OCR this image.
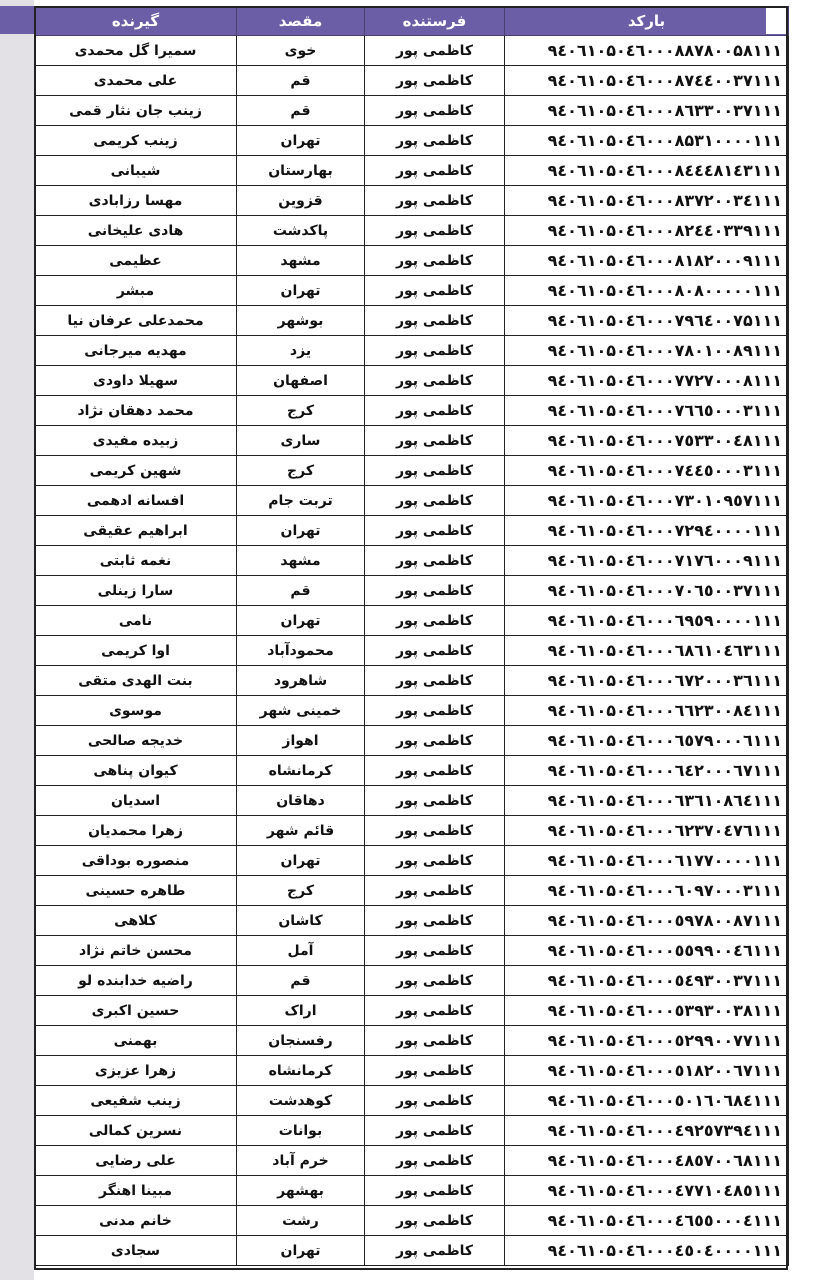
بارکد	فرستنده	مقصد	گیرنده
۹٤۰٦۱۰۵۰٤٦۰۰۰۸۸۷۸۰۰۵۸۱۱۱	کاظمی پور	خوی	سمیرا گل محمدی
۹٤۰٦۱۰۵۰٤٦۰۰۰۸۷٤٤۰۰۳۷۱۱۱	کاظمی پور	قم	علی محمدی
۹٤۰٦۱۰۵۰٤٦۰۰۰۸٦۳۳۰۰۳۷۱۱۱	کاظمی پور	قم	زینب جان نثار قمی
۹٤۰٦۱۰۵۰٤٦۰۰۰۸۵۳۱۰۰۰۰۱۱۱	کاظمی پور	تهران	زینب کریمی
۹٤۰٦۱۰۵۰٤٦۰۰۰۸٤٤٤۸۱٤۳۱۱۱	کاظمی پور	بهارستان	شیبانی
۹٤۰٦۱۰۵۰٤٦۰۰۰۸۳۷۲۰۰۳٤۱۱۱	کاظمی پور	قزوین	مهسا رزابادی
۹٤۰٦۱۰۵۰٤٦۰۰۰۸۲٤٤۰۳۳۹۱۱۱	کاظمی پور	پاکدشت	هادی علیخانی
۹٤۰٦۱۰۵۰٤٦۰۰۰۸۱۸۲۰۰۰۹۱۱۱	کاظمی پور	مشهد	عظیمی
۹٤۰٦۱۰۵۰٤٦۰۰۰۸۰۸۰۰۰۰۰۱۱۱	کاظمی پور	تهران	مبشر
۹٤۰٦۱۰۵۰٤٦۰۰۰۷۹٦٤۰۰۷۵۱۱۱	کاظمی پور	بوشهر	محمدعلی عرفان نیا
۹٤۰٦۱۰۵۰٤٦۰۰۰۷۸۰۱۰۰۸۹۱۱۱	کاظمی پور	یزد	مهدیه میرجانی
۹٤۰٦۱۰۵۰٤٦۰۰۰۷۷۲۷۰۰۰۸۱۱۱	کاظمی پور	اصفهان	سهیلا داودی
۹٤۰٦۱۰۵۰٤٦۰۰۰۷٦٦٥۰۰۰۳۱۱۱	کاظمی پور	کرج	محمد دهقان نژاد
۹٤۰٦۱۰۵۰٤٦۰۰۰۷٥۳۳۰۰٤۸۱۱۱	کاظمی پور	ساری	زبیده مفیدی
۹٤۰٦۱۰۵۰٤٦۰۰۰۷٤٤٥۰۰۰۳۱۱۱	کاظمی پور	کرج	شهین کریمی
۹٤۰٦۱۰۵۰٤٦۰۰۰۷۳۰۱۰۹٥۷۱۱۱	کاظمی پور	تربت جام	افسانه ادهمی
۹٤۰٦۱۰۵۰٤٦۰۰۰۷۲۹٤۰۰۰۰۱۱۱	کاظمی پور	تهران	ابراهیم عقیقی
۹٤۰٦۱۰۵۰٤٦۰۰۰۷۱۷٦۰۰۰۹۱۱۱	کاظمی پور	مشهد	نغمه ثابتی
۹٤۰٦۱۰۵۰٤٦۰۰۰۷۰٦٥۰۰۳۷۱۱۱	کاظمی پور	قم	سارا زینلی
۹٤۰٦۱۰۵۰٤٦۰۰۰٦۹٥۹۰۰۰۰۱۱۱	کاظمی پور	تهران	نامی
۹٤۰٦۱۰۵۰٤٦۰۰۰٦۸٦۱۰٤٦۳۱۱۱	کاظمی پور	محمودآباد	اوا کریمی
۹٤۰٦۱۰۵۰٤٦۰۰۰٦۷۲۰۰۰۳٦۱۱۱	کاظمی پور	شاهرود	بنت الهدی متقی
۹٤۰٦۱۰۵۰٤٦۰۰۰٦٦۲۳۰۰۸٤۱۱۱	کاظمی پور	خمینی شهر	موسوی
۹٤۰٦۱۰۵۰٤٦۰۰۰٦٥۷۹۰۰۰٦۱۱۱	کاظمی پور	اهواز	خدیجه صالحی
۹٤۰٦۱۰۵۰٤٦۰۰۰٦٤۲۰۰۰٦۷۱۱۱	کاظمی پور	کرمانشاه	کیوان پناهی
۹٤۰٦۱۰۵۰٤٦۰۰۰٦۳٦۱۰۸٦٤۱۱۱	کاظمی پور	دهاقان	اسدیان
۹٤۰٦۱۰۵۰٤٦۰۰۰٦۲۳۷۰٤۷٦۱۱۱	کاظمی پور	قائم شهر	زهرا محمدیان
۹٤۰٦۱۰۵۰٤٦۰۰۰٦۱۷۷۰۰۰۰۱۱۱	کاظمی پور	تهران	منصوره بوداقی
۹٤۰٦۱۰۵۰٤٦۰۰۰٦۰۹۷۰۰۰۳۱۱۱	کاظمی پور	کرج	طاهره حسینی
۹٤۰٦۱۰۵۰٤٦۰۰۰٥۹۷۸۰۰۸۷۱۱۱	کاظمی پور	کاشان	کلاهی
۹٤۰٦۱۰۵۰٤٦۰۰۰٥٥۹۹۰۰٤٦۱۱۱	کاظمی پور	آمل	محسن خاتم نژاد
۹٤۰٦۱۰۵۰٤٦۰۰۰٥٤۹۳۰۰۳۷۱۱۱	کاظمی پور	قم	راضیه خدابنده لو
۹٤۰٦۱۰۵۰٤٦۰۰۰٥۳۹۳۰۰۳۸۱۱۱	کاظمی پور	اراک	حسین اکبری
۹٤۰٦۱۰۵۰٤٦۰۰۰٥۲۹۹۰۰۷۷۱۱۱	کاظمی پور	رفسنجان	بهمنی
۹٤۰٦۱۰۵۰٤٦۰۰۰٥۱۸۲۰۰٦۷۱۱۱	کاظمی پور	کرمانشاه	زهرا عزیزی
۹٤۰٦۱۰۵۰٤٦۰۰۰٥۰۱٦۰٦۸٤۱۱۱	کاظمی پور	کوهدشت	زینب شفیعی
۹٤۰٦۱۰۵۰٤٦۰۰۰٤۹۲٥۷۳۹٤۱۱۱	کاظمی پور	بوانات	نسرین کمالی
۹٤۰٦۱۰۵۰٤٦۰۰۰٤۸٥۷۰۰٦۸۱۱۱	کاظمی پور	خرم آباد	علی رضایی
۹٤۰٦۱۰۵۰٤٦۰۰۰٤۷۷۱۰٤۸٥۱۱۱	کاظمی پور	بهشهر	مبینا اهنگر
۹٤۰٦۱۰۵۰٤٦۰۰۰٤٦٥٥۰۰۰٤۱۱۱	کاظمی پور	رشت	خانم مدنی
۹٤۰٦۱۰۵۰٤٦۰۰۰٤٥۰٤۰۰۰۰۱۱۱	کاظمی پور	تهران	سجادی
